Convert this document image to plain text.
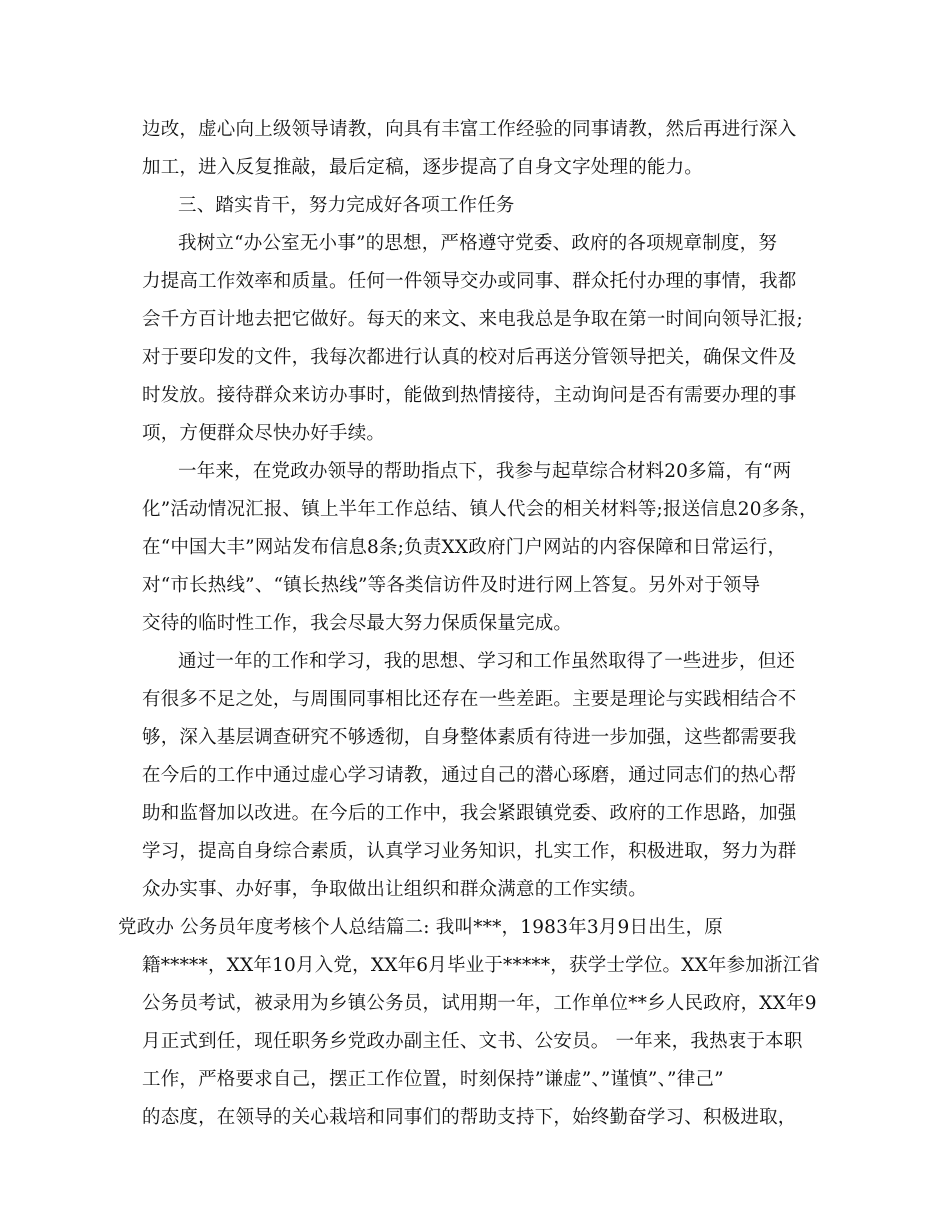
边改，虚心向上级领导请教，向具有丰富工作经验的同事请教，然后再进行深入
加工，进入反复推敲，最后定稿，逐步提高了自身文字处理的能力。
三、踏实肯干，努力完成好各项工作任务
我树立“办公室无小事”的思想，严格遵守党委、政府的各项规章制度，努
力提高工作效率和质量。任何一件领导交办或同事、群众托付办理的事情，我都
会千方百计地去把它做好。每天的来文、来电我总是争取在第一时间向领导汇报;
对于要印发的文件，我每次都进行认真的校对后再送分管领导把关，确保文件及
时发放。接待群众来访办事时，能做到热情接待，主动询问是否有需要办理的事
项，方便群众尽快办好手续。
一年来，在党政办领导的帮助指点下，我参与起草综合材料20多篇，有“两
化”活动情况汇报、镇上半年工作总结、镇人代会的相关材料等;报送信息20多条，
在“中国大丰”网站发布信息8条;负责XX政府门户网站的内容保障和日常运行，
对“市长热线”、“镇长热线”等各类信访件及时进行网上答复。另外对于领导
交待的临时性工作，我会尽最大努力保质保量完成。
通过一年的工作和学习，我的思想、学习和工作虽然取得了一些进步，但还
有很多不足之处，与周围同事相比还存在一些差距。主要是理论与实践相结合不
够，深入基层调查研究不够透彻，自身整体素质有待进一步加强，这些都需要我
在今后的工作中通过虚心学习请教，通过自己的潜心琢磨，通过同志们的热心帮
助和监督加以改进。在今后的工作中，我会紧跟镇党委、政府的工作思路，加强
学习，提高自身综合素质，认真学习业务知识，扎实工作，积极进取，努力为群
众办实事、办好事，争取做出让组织和群众满意的工作实绩。
党政办 公务员年度考核个人总结篇二: 我叫***，1983年3月9日出生，原
籍*****，XX年10月入党，XX年6月毕业于*****，获学士学位。XX年参加浙江省
公务员考试，被录用为乡镇公务员，试用期一年，工作单位**乡人民政府，XX年9
月正式到任，现任职务乡党政办副主任、文书、公安员。 一年来，我热衷于本职
工作，严格要求自己，摆正工作位置，时刻保持”谦虚”、”谨慎”、”律己”
的态度，在领导的关心栽培和同事们的帮助支持下，始终勤奋学习、积极进取，
